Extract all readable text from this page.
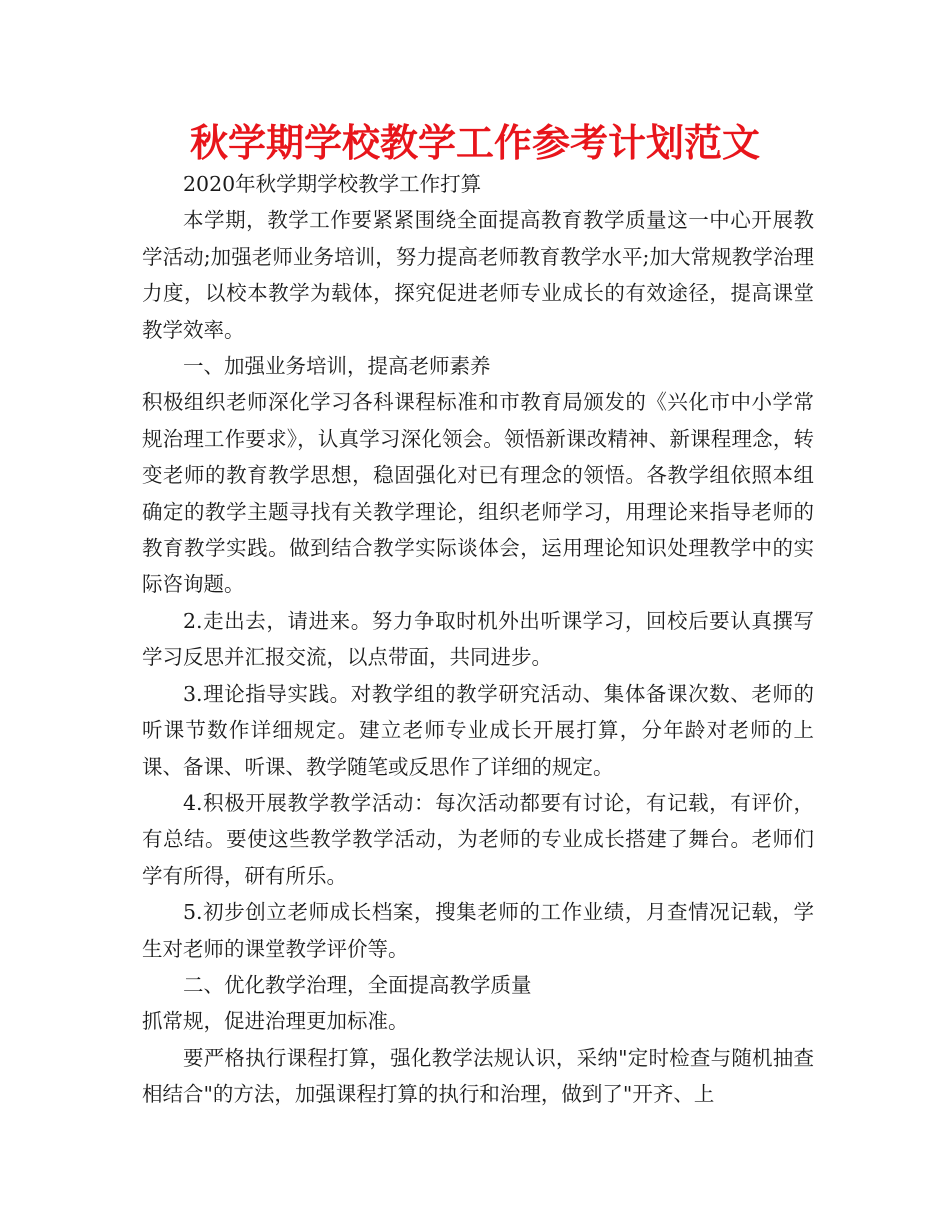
秋学期学校教学工作参考计划范文

2020年秋学期学校教学工作打算

本学期，教学工作要紧紧围绕全面提高教育教学质量这一中心开展教学活动;加强老师业务培训，努力提高老师教育教学水平;加大常规教学治理力度，以校本教学为载体，探究促进老师专业成长的有效途径，提高课堂教学效率。

一、加强业务培训，提高老师素养

积极组织老师深化学习各科课程标准和市教育局颁发的《兴化市中小学常规治理工作要求》，认真学习深化领会。领悟新课改精神、新课程理念，转变老师的教育教学思想，稳固强化对已有理念的领悟。各教学组依照本组确定的教学主题寻找有关教学理论，组织老师学习，用理论来指导老师的教育教学实践。做到结合教学实际谈体会，运用理论知识处理教学中的实际咨询题。

2.走出去，请进来。努力争取时机外出听课学习，回校后要认真撰写学习反思并汇报交流，以点带面，共同进步。

3.理论指导实践。对教学组的教学研究活动、集体备课次数、老师的听课节数作详细规定。建立老师专业成长开展打算，分年龄对老师的上课、备课、听课、教学随笔或反思作了详细的规定。

4.积极开展教学教学活动：每次活动都要有讨论，有记载，有评价，有总结。要使这些教学教学活动，为老师的专业成长搭建了舞台。老师们学有所得，研有所乐。

5.初步创立老师成长档案，搜集老师的工作业绩，月查情况记载，学生对老师的课堂教学评价等。

二、优化教学治理，全面提高教学质量

抓常规，促进治理更加标准。

要严格执行课程打算，强化教学法规认识，采纳"定时检查与随机抽查相结合"的方法，加强课程打算的执行和治理，做到了"开齐、上
